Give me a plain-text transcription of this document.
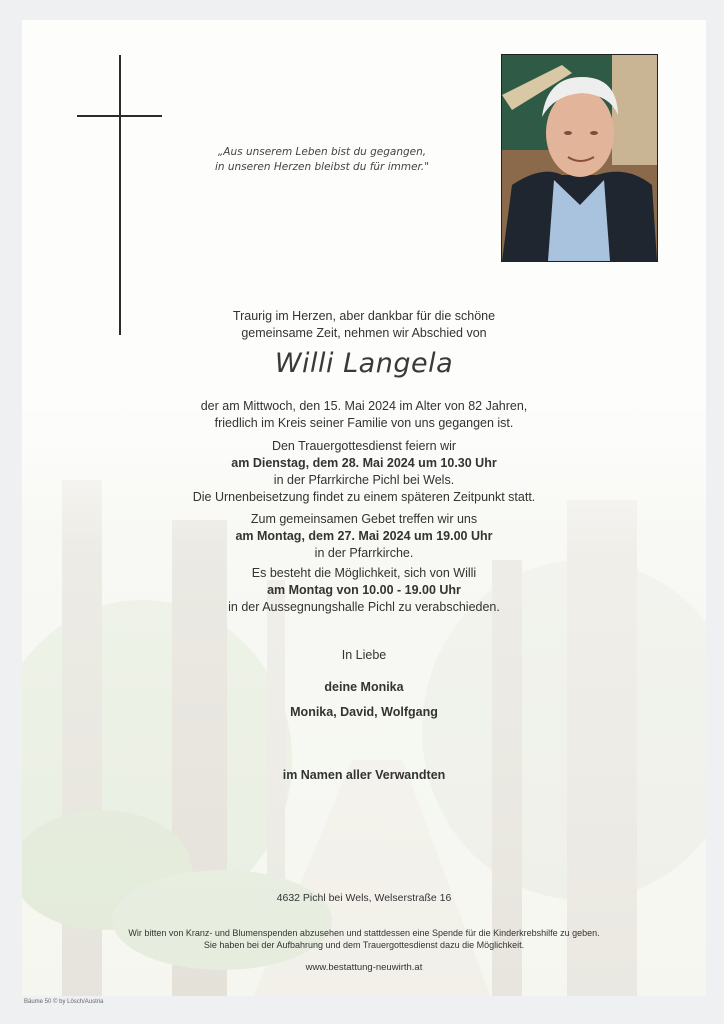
„Aus unserem Leben bist du gegangen,
in unseren Herzen bleibst du für immer."
Traurig im Herzen, aber dankbar für die schöne
gemeinsame Zeit, nehmen wir Abschied von
Willi Langela
der am Mittwoch, den 15. Mai 2024 im Alter von 82 Jahren,
friedlich im Kreis seiner Familie von uns gegangen ist.
Den Trauergottesdienst feiern wir
am Dienstag, dem 28. Mai 2024 um 10.30 Uhr
in der Pfarrkirche Pichl bei Wels.
Die Urnenbeisetzung findet zu einem späteren Zeitpunkt statt.
Zum gemeinsamen Gebet treffen wir uns
am Montag, dem 27. Mai 2024 um 19.00 Uhr
in der Pfarrkirche.
Es besteht die Möglichkeit, sich von Willi
am Montag von 10.00 - 19.00 Uhr
in der Aussegnungshalle Pichl zu verabschieden.
In Liebe
deine Monika
Monika, David, Wolfgang
im Namen aller Verwandten
4632 Pichl bei Wels, Welserstraße 16
Wir bitten von Kranz- und Blumenspenden abzusehen und stattdessen eine Spende für die Kinderkrebshilfe zu geben.
Sie haben bei der Aufbahrung und dem Trauergottesdienst dazu die Möglichkeit.
www.bestattung-neuwirth.at
Bäume 50 © by Lösch/Austria
